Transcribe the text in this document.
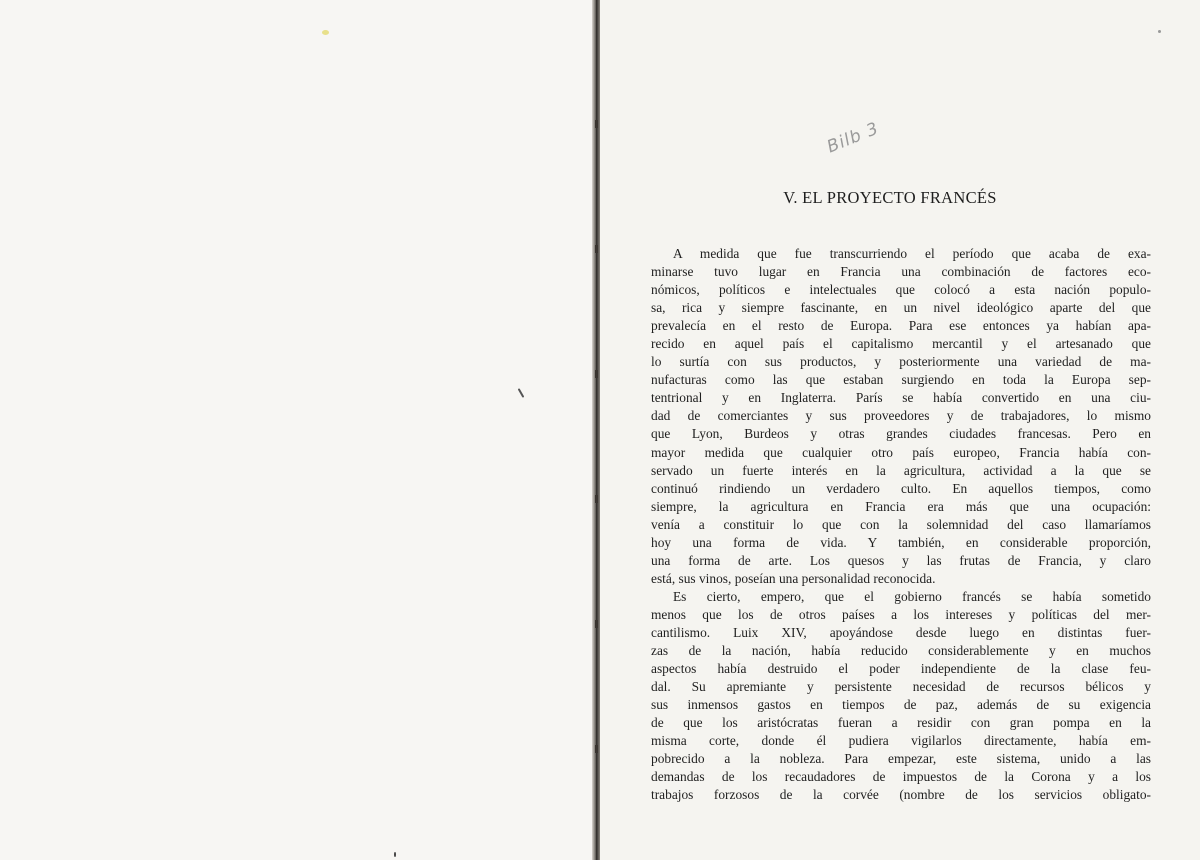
Bilb 3
V. EL PROYECTO FRANCÉS
A medida que fue transcurriendo el período que acaba de exa-
minarse tuvo lugar en Francia una combinación de factores eco-
nómicos, políticos e intelectuales que colocó a esta nación populo-
sa, rica y siempre fascinante, en un nivel ideológico aparte del que
prevalecía en el resto de Europa. Para ese entonces ya habían apa-
recido en aquel país el capitalismo mercantil y el artesanado que
lo surtía con sus productos, y posteriormente una variedad de ma-
nufacturas como las que estaban surgiendo en toda la Europa sep-
tentrional y en Inglaterra. París se había convertido en una ciu-
dad de comerciantes y sus proveedores y de trabajadores, lo mismo
que Lyon, Burdeos y otras grandes ciudades francesas. Pero en
mayor medida que cualquier otro país europeo, Francia había con-
servado un fuerte interés en la agricultura, actividad a la que se
continuó rindiendo un verdadero culto. En aquellos tiempos, como
siempre, la agricultura en Francia era más que una ocupación:
venía a constituir lo que con la solemnidad del caso llamaríamos
hoy una forma de vida. Y también, en considerable proporción,
una forma de arte. Los quesos y las frutas de Francia, y claro
está, sus vinos, poseían una personalidad reconocida.
Es cierto, empero, que el gobierno francés se había sometido
menos que los de otros países a los intereses y políticas del mer-
cantilismo. Luix XIV, apoyándose desde luego en distintas fuer-
zas de la nación, había reducido considerablemente y en muchos
aspectos había destruido el poder independiente de la clase feu-
dal. Su apremiante y persistente necesidad de recursos bélicos y
sus inmensos gastos en tiempos de paz, además de su exigencia
de que los aristócratas fueran a residir con gran pompa en la
misma corte, donde él pudiera vigilarlos directamente, había em-
pobrecido a la nobleza. Para empezar, este sistema, unido a las
demandas de los recaudadores de impuestos de la Corona y a los
trabajos forzosos de la corvée (nombre de los servicios obligato-
